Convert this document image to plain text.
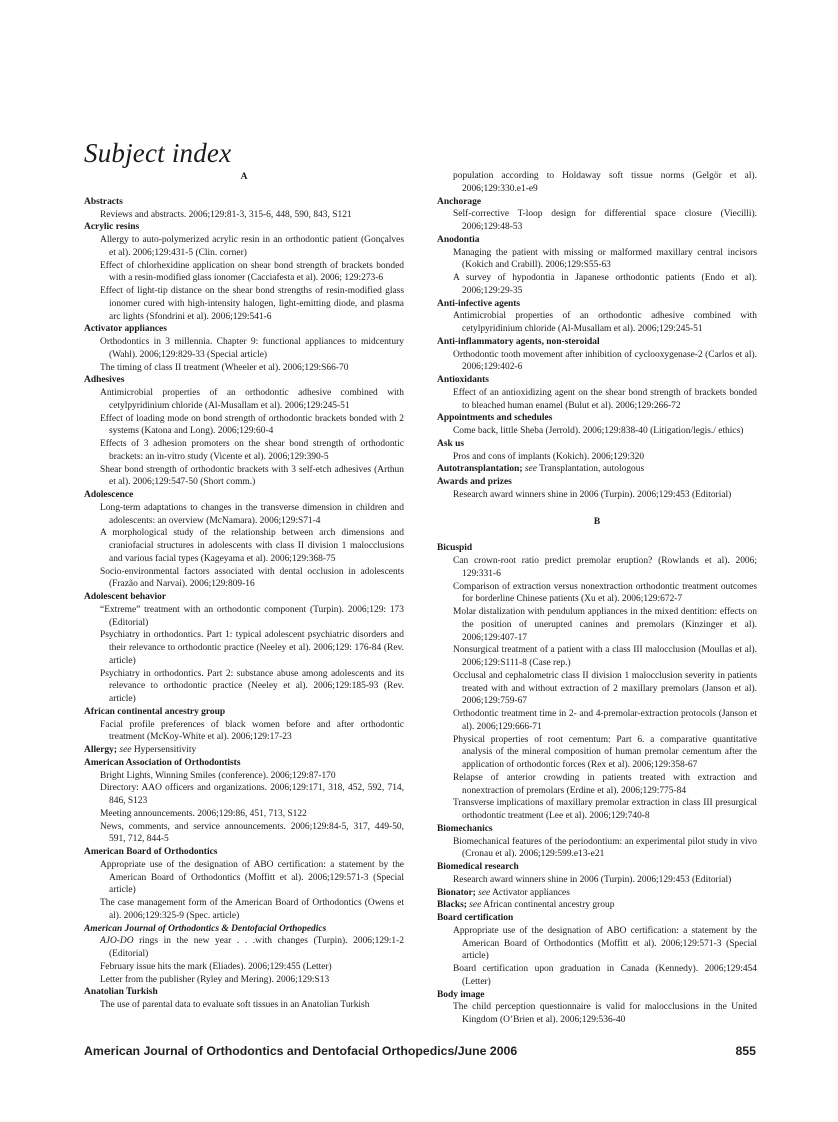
Subject index
A
Abstracts
Reviews and abstracts. 2006;129:81-3, 315-6, 448, 590, 843, S121
Acrylic resins
Allergy to auto-polymerized acrylic resin in an orthodontic patient (Gonçalves et al). 2006;129:431-5 (Clin. corner)
Effect of chlorhexidine application on shear bond strength of brackets bonded with a resin-modified glass ionomer (Cacciafesta et al). 2006; 129:273-6
Effect of light-tip distance on the shear bond strengths of resin-modified glass ionomer cured with high-intensity halogen, light-emitting diode, and plasma arc lights (Sfondrini et al). 2006;129:541-6
Activator appliances
Orthodontics in 3 millennia. Chapter 9: functional appliances to midcentury (Wahl). 2006;129:829-33 (Special article)
The timing of class II treatment (Wheeler et al). 2006;129:S66-70
Adhesives
Antimicrobial properties of an orthodontic adhesive combined with cetylpyridinium chloride (Al-Musallam et al). 2006;129:245-51
Effect of loading mode on bond strength of orthodontic brackets bonded with 2 systems (Katona and Long). 2006;129:60-4
Effects of 3 adhesion promoters on the shear bond strength of orthodontic brackets: an in-vitro study (Vicente et al). 2006;129:390-5
Shear bond strength of orthodontic brackets with 3 self-etch adhesives (Arthun et al). 2006;129:547-50 (Short comm.)
Adolescence
Long-term adaptations to changes in the transverse dimension in children and adolescents: an overview (McNamara). 2006;129:S71-4
A morphological study of the relationship between arch dimensions and craniofacial structures in adolescents with class II division 1 malocclusions and various facial types (Kageyama et al). 2006;129:368-75
Socio-environmental factors associated with dental occlusion in adolescents (Frazão and Narvai). 2006;129:809-16
Adolescent behavior
“Extreme” treatment with an orthodontic component (Turpin). 2006;129: 173 (Editorial)
Psychiatry in orthodontics. Part 1: typical adolescent psychiatric disorders and their relevance to orthodontic practice (Neeley et al). 2006;129: 176-84 (Rev. article)
Psychiatry in orthodontics. Part 2: substance abuse among adolescents and its relevance to orthodontic practice (Neeley et al). 2006;129:185-93 (Rev. article)
African continental ancestry group
Facial profile preferences of black women before and after orthodontic treatment (McKoy-White et al). 2006;129:17-23
Allergy; see Hypersensitivity
American Association of Orthodontists
Bright Lights, Winning Smiles (conference). 2006;129:87-170
Directory: AAO officers and organizations. 2006;129:171, 318, 452, 592, 714, 846, S123
Meeting announcements. 2006;129:86, 451, 713, S122
News, comments, and service announcements. 2006;129:84-5, 317, 449-50, 591, 712, 844-5
American Board of Orthodontics
Appropriate use of the designation of ABO certification: a statement by the American Board of Orthodontics (Moffitt et al). 2006;129:571-3 (Special article)
The case management form of the American Board of Orthodontics (Owens et al). 2006;129:325-9 (Spec. article)
American Journal of Orthodontics & Dentofacial Orthopedics
AJO-DO rings in the new year . . .with changes (Turpin). 2006;129:1-2 (Editorial)
February issue hits the mark (Eliades). 2006;129:455 (Letter)
Letter from the publisher (Ryley and Mering). 2006;129:S13
Anatolian Turkish
The use of parental data to evaluate soft tissues in an Anatolian Turkish
population according to Holdaway soft tissue norms (Gelgör et al). 2006;129:330.e1-e9
Anchorage
Self-corrective T-loop design for differential space closure (Viecilli). 2006;129:48-53
Anodontia
Managing the patient with missing or malformed maxillary central incisors (Kokich and Crabill). 2006;129:S55-63
A survey of hypodontia in Japanese orthodontic patients (Endo et al). 2006;129:29-35
Anti-infective agents
Antimicrobial properties of an orthodontic adhesive combined with cetylpyridinium chloride (Al-Musallam et al). 2006;129:245-51
Anti-inflammatory agents, non-steroidal
Orthodontic tooth movement after inhibition of cyclooxygenase-2 (Carlos et al). 2006;129:402-6
Antioxidants
Effect of an antioxidizing agent on the shear bond strength of brackets bonded to bleached human enamel (Bulut et al). 2006;129:266-72
Appointments and schedules
Come back, little Sheba (Jerrold). 2006;129:838-40 (Litigation/legis./ ethics)
Ask us
Pros and cons of implants (Kokich). 2006;129:320
Autotransplantation; see Transplantation, autologous
Awards and prizes
Research award winners shine in 2006 (Turpin). 2006;129:453 (Editorial)
B
Bicuspid
Can crown-root ratio predict premolar eruption? (Rowlands et al). 2006; 129:331-6
Comparison of extraction versus nonextraction orthodontic treatment outcomes for borderline Chinese patients (Xu et al). 2006;129:672-7
Molar distalization with pendulum appliances in the mixed dentition: effects on the position of unerupted canines and premolars (Kinzinger et al). 2006;129:407-17
Nonsurgical treatment of a patient with a class III malocclusion (Moullas et al). 2006;129:S111-8 (Case rep.)
Occlusal and cephalometric class II division 1 malocclusion severity in patients treated with and without extraction of 2 maxillary premolars (Janson et al). 2006;129:759-67
Orthodontic treatment time in 2- and 4-premolar-extraction protocols (Janson et al). 2006;129:666-71
Physical properties of root cementum: Part 6. a comparative quantitative analysis of the mineral composition of human premolar cementum after the application of orthodontic forces (Rex et al). 2006;129:358-67
Relapse of anterior crowding in patients treated with extraction and nonextraction of premolars (Erdine et al). 2006;129:775-84
Transverse implications of maxillary premolar extraction in class III presurgical orthodontic treatment (Lee et al). 2006;129:740-8
Biomechanics
Biomechanical features of the periodontium: an experimental pilot study in vivo (Cronau et al). 2006;129:599.e13-e21
Biomedical research
Research award winners shine in 2006 (Turpin). 2006;129:453 (Editorial)
Bionator; see Activator appliances
Blacks; see African continental ancestry group
Board certification
Appropriate use of the designation of ABO certification: a statement by the American Board of Orthodontics (Moffitt et al). 2006;129:571-3 (Special article)
Board certification upon graduation in Canada (Kennedy). 2006;129:454 (Letter)
Body image
The child perception questionnaire is valid for malocclusions in the United Kingdom (O’Brien et al). 2006;129:536-40
American Journal of Orthodontics and Dentofacial Orthopedics/June 2006	855
